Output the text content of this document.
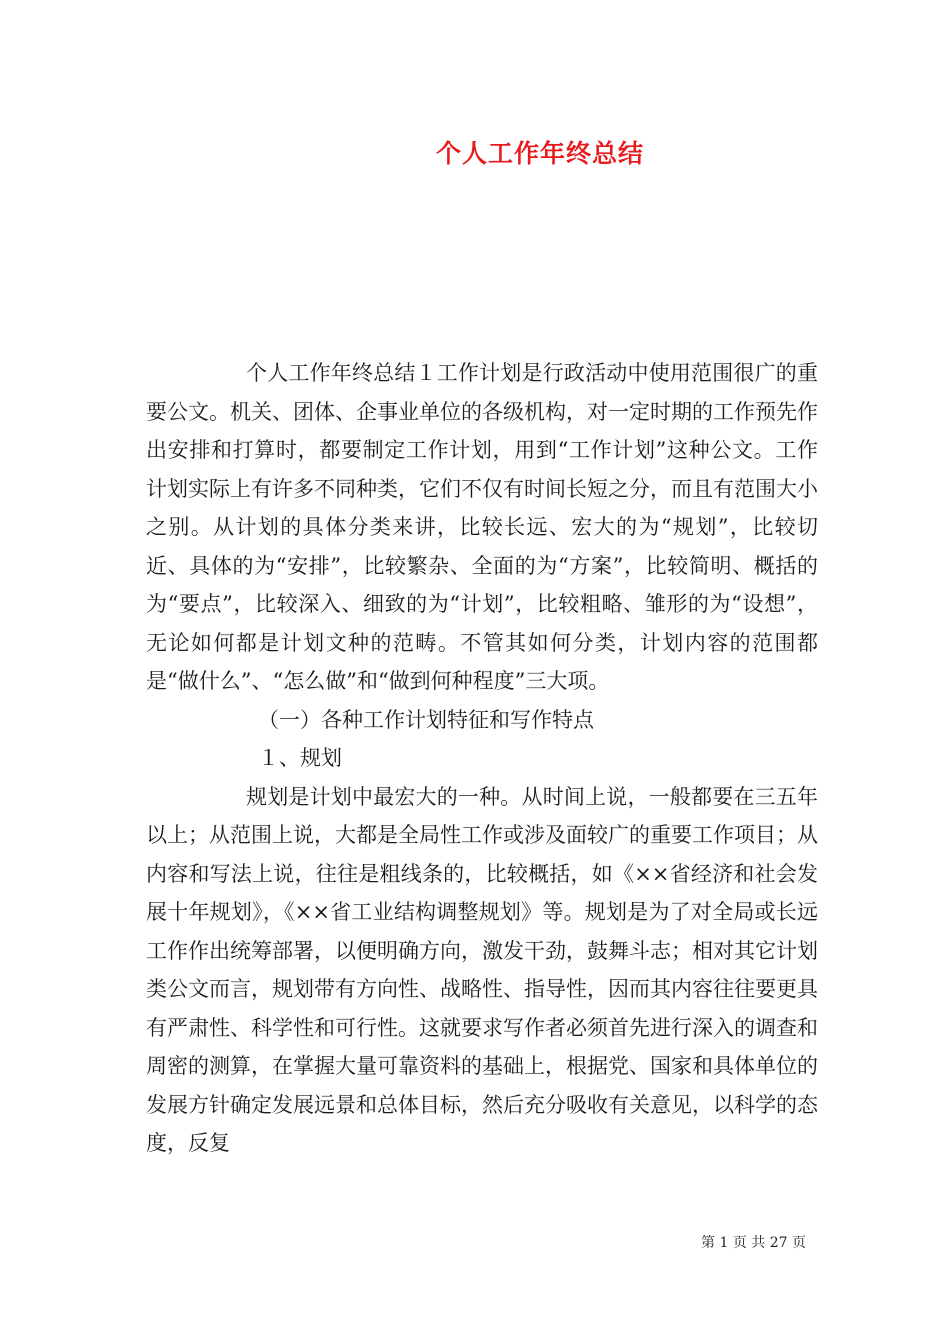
个人工作年终总结

个人工作年终总结１工作计划是行政活动中使用范围很广的重要公文。机关、团体、企事业单位的各级机构，对一定时期的工作预先作出安排和打算时，都要制定工作计划，用到“工作计划”这种公文。工作计划实际上有许多不同种类，它们不仅有时间长短之分，而且有范围大小之别。从计划的具体分类来讲，比较长远、宏大的为“规划”，比较切近、具体的为“安排”，比较繁杂、全面的为“方案”，比较简明、概括的为“要点”，比较深入、细致的为“计划”，比较粗略、雏形的为“设想”，无论如何都是计划文种的范畴。不管其如何分类，计划内容的范围都是“做什么”、“怎么做”和“做到何种程度”三大项。

（一）各种工作计划特征和写作特点

１、规划

规划是计划中最宏大的一种。从时间上说，一般都要在三五年以上；从范围上说，大都是全局性工作或涉及面较广的重要工作项目；从内容和写法上说，往往是粗线条的，比较概括，如《××省经济和社会发展十年规划》，《××省工业结构调整规划》等。规划是为了对全局或长远工作作出统筹部署，以便明确方向，激发干劲，鼓舞斗志；相对其它计划类公文而言，规划带有方向性、战略性、指导性，因而其内容往往要更具有严肃性、科学性和可行性。这就要求写作者必须首先进行深入的调查和周密的测算，在掌握大量可靠资料的基础上，根据党、国家和具体单位的发展方针确定发展远景和总体目标，然后充分吸收有关意见，以科学的态度，反复

第 1 页 共 27 页
